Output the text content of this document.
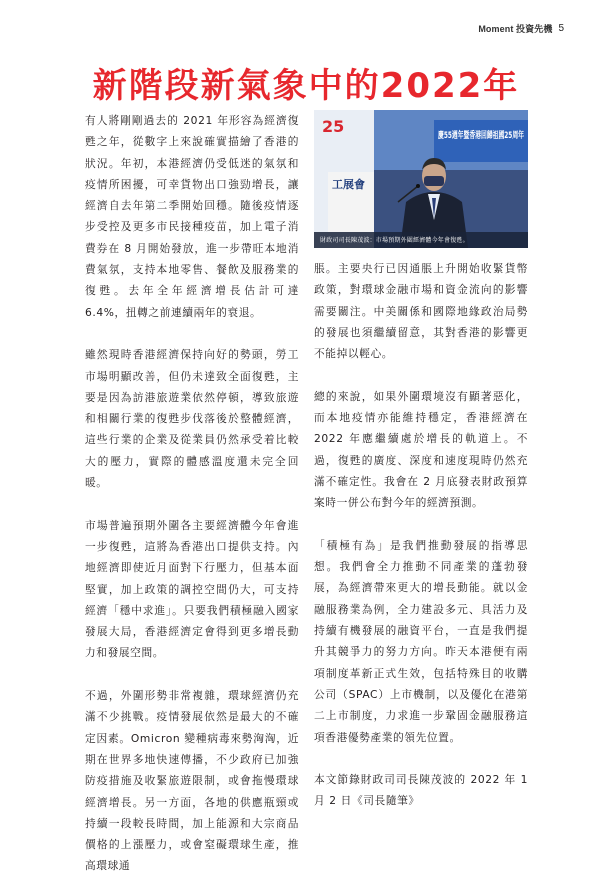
Moment 投資先機 5
新階段新氣象中的2022年

有人將剛剛過去的 2021 年形容為經濟復甦之年，從數字上來說確實描繪了香港的狀況。年初，本港經濟仍受低迷的氣氛和疫情所困擾，可幸貨物出口強勁增長，讓經濟自去年第二季開始回穩。隨後疫情逐步受控及更多市民接種疫苗，加上電子消費券在 8 月開始發放，進一步帶旺本地消費氣氛，支持本地零售、餐飲及服務業的復甦。去年全年經濟增長估計可達 6.4%，扭轉之前連續兩年的衰退。

雖然現時香港經濟保持向好的勢頭，勞工市場明顯改善，但仍未達致全面復甦，主要是因為訪港旅遊業依然停頓，導致旅遊和相關行業的復甦步伐落後於整體經濟，這些行業的企業及從業員仍然承受着比較大的壓力，實際的體感溫度還未完全回暖。

市場普遍預期外圍各主要經濟體今年會進一步復甦，這將為香港出口提供支持。內地經濟即使近月面對下行壓力，但基本面堅實，加上政策的調控空間仍大，可支持經濟「穩中求進」。只要我們積極融入國家發展大局，香港經濟定會得到更多增長動力和發展空間。

不過，外圍形勢非常複雜，環球經濟仍充滿不少挑戰。疫情發展依然是最大的不確定因素。Omicron 變種病毒來勢洶洶，近期在世界多地快速傳播，不少政府已加強防疫措施及收緊旅遊限制，或會拖慢環球經濟增長。另一方面，各地的供應瓶頸或持續一段較長時間，加上能源和大宗商品價格的上漲壓力，或會窒礙環球生產，推高環球通

25	慶55週年暨香港回歸祖國25周年
工展會
財政司司長陳茂波：市場預期外圍經濟體今年會復甦。

脹。主要央行已因通脹上升開始收緊貨幣政策，對環球金融市場和資金流向的影響需要關注。中美關係和國際地緣政治局勢的發展也須繼續留意，其對香港的影響更不能掉以輕心。

總的來說，如果外圍環境沒有顯著惡化，而本地疫情亦能維持穩定，香港經濟在 2022 年應繼續處於增長的軌道上。不過，復甦的廣度、深度和速度現時仍然充滿不確定性。我會在 2 月底發表財政預算案時一併公布對今年的經濟預測。

「積極有為」是我們推動發展的指導思想。我們會全力推動不同產業的蓬勃發展，為經濟帶來更大的增長動能。就以金融服務業為例，全力建設多元、具活力及持續有機發展的融資平台，一直是我們提升其競爭力的努力方向。昨天本港便有兩項制度革新正式生效，包括特殊目的收購公司（SPAC）上市機制，以及優化在港第二上市制度，力求進一步鞏固金融服務這項香港優勢產業的領先位置。

本文節錄財政司司長陳茂波的 2022 年 1 月 2 日《司長隨筆》
